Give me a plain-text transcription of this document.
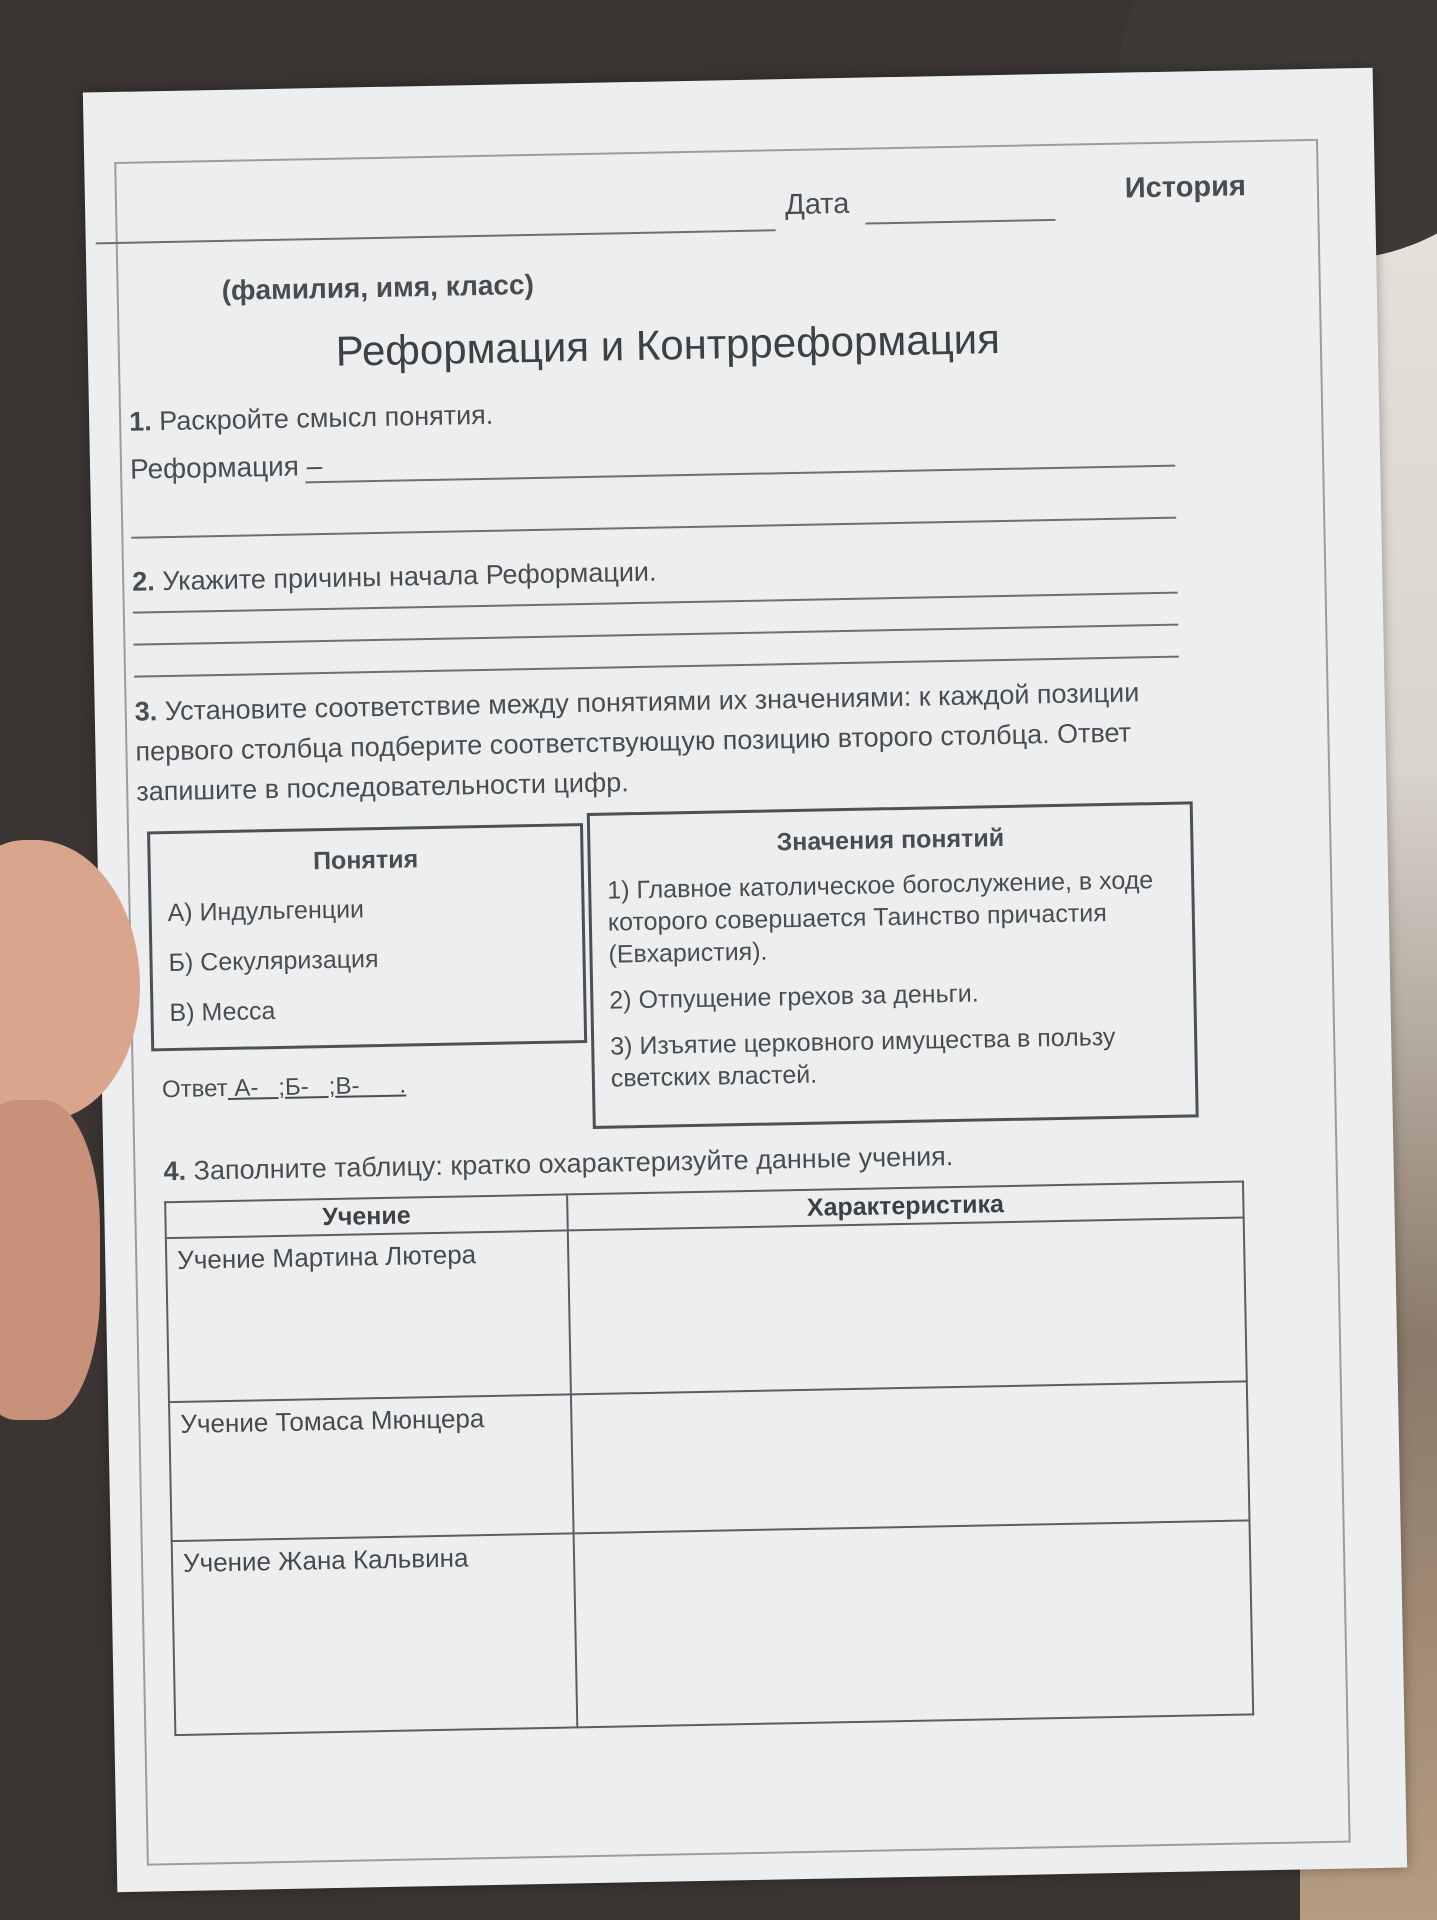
Дата	История
(фамилия, имя, класс)
Реформация и Контрреформация
1. Раскройте смысл понятия.
Реформация –
2. Укажите причины начала Реформации.
3. Установите соответствие между понятиями их значениями: к каждой позиции первого столбца подберите соответствующую позицию второго столбца. Ответ запишите в последовательности цифр.
Понятия
А) Индульгенции
Б) Секуляризация
В) Месса
Значения понятий
1) Главное католическое богослужение, в ходе которого совершается Таинство причастия (Евхаристия).
2) Отпущение грехов за деньги.
3) Изъятие церковного имущества в пользу светских властей.
Ответ А-   ;Б-   ;В-      .
4. Заполните таблицу: кратко охарактеризуйте данные учения.
Учение	Характеристика
Учение Мартина Лютера	
Учение Томаса Мюнцера	
Учение Жана Кальвина	
